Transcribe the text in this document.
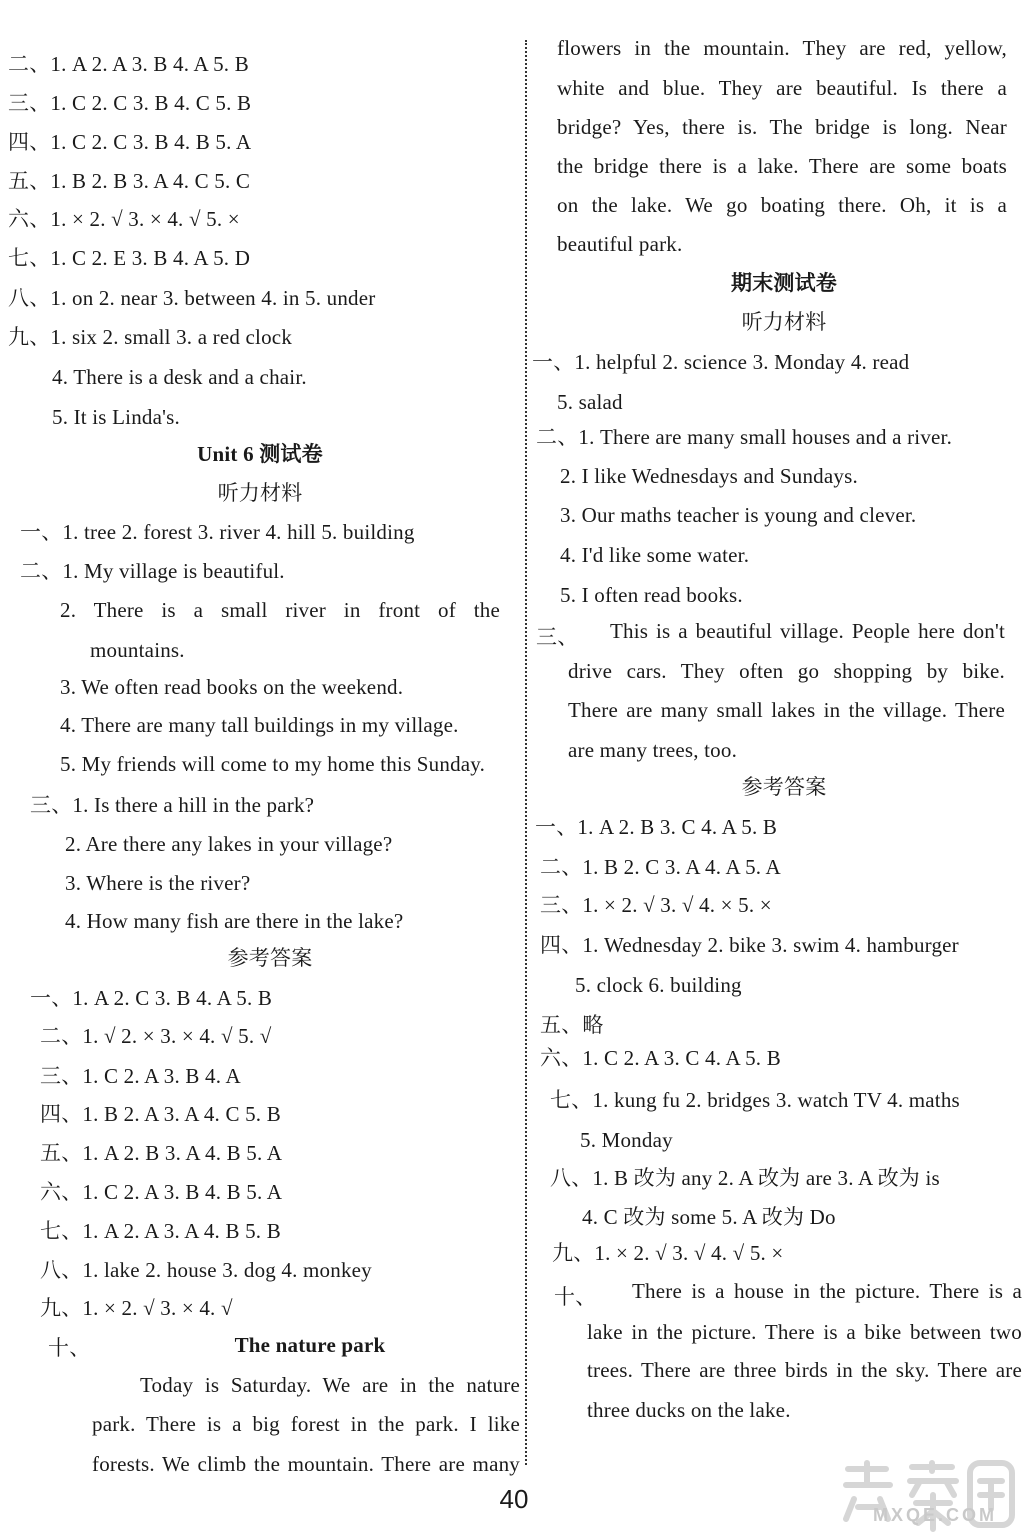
二、1. A 2. A 3. B 4. A 5. B
三、1. C 2. C 3. B 4. C 5. B
四、1. C 2. C 3. B 4. B 5. A
五、1. B 2. B 3. A 4. C 5. C
六、1. × 2. √ 3. × 4. √ 5. ×
七、1. C 2. E 3. B 4. A 5. D
八、1. on 2. near 3. between 4. in 5. under
九、1. six 2. small 3. a red clock
4. There is a desk and a chair.
5. It is Linda's.
Unit 6 测试卷
听力材料
一、1. tree 2. forest 3. river 4. hill 5. building
二、1. My village is beautiful.
2. There is a small river in front of the
mountains.
3. We often read books on the weekend.
4. There are many tall buildings in my village.
5. My friends will come to my home this Sunday.
三、1. Is there a hill in the park?
2. Are there any lakes in your village?
3. Where is the river?
4. How many fish are there in the lake?
参考答案
一、1. A 2. C 3. B 4. A 5. B
二、1. √ 2. × 3. × 4. √ 5. √
三、1. C 2. A 3. B 4. A
四、1. B 2. A 3. A 4. C 5. B
五、1. A 2. B 3. A 4. B 5. A
六、1. C 2. A 3. B 4. B 5. A
七、1. A 2. A 3. A 4. B 5. B
八、1. lake 2. house 3. dog 4. monkey
九、1. × 2. √ 3. × 4. √
十、	The nature park
Today is Saturday. We are in the nature
park. There is a big forest in the park. I like
forests. We climb the mountain. There are many
flowers in the mountain. They are red, yellow,
white and blue. They are beautiful. Is there a
bridge? Yes, there is. The bridge is long. Near
the bridge there is a lake. There are some boats
on the lake. We go boating there. Oh, it is a
beautiful park.
期末测试卷
听力材料
一、1. helpful 2. science 3. Monday 4. read
5. salad
二、1. There are many small houses and a river.
2. I like Wednesdays and Sundays.
3. Our maths teacher is young and clever.
4. I'd like some water.
5. I often read books.
三、 This is a beautiful village. People here don't
drive cars. They often go shopping by bike.
There are many small lakes in the village. There
are many trees, too.
参考答案
一、1. A 2. B 3. C 4. A 5. B
二、1. B 2. C 3. A 4. A 5. A
三、1. × 2. √ 3. √ 4. × 5. ×
四、1. Wednesday 2. bike 3. swim 4. hamburger
5. clock 6. building
五、略
六、1. C 2. A 3. C 4. A 5. B
七、1. kung fu 2. bridges 3. watch TV 4. maths
5. Monday
八、1. B 改为 any 2. A 改为 are 3. A 改为 is
4. C 改为 some 5. A 改为 Do
九、1. × 2. √ 3. √ 4. √ 5. ×
十、 There is a house in the picture. There is a
lake in the picture. There is a bike between two
trees. There are three birds in the sky. There are
three ducks on the lake.
40
MXQE.COM
